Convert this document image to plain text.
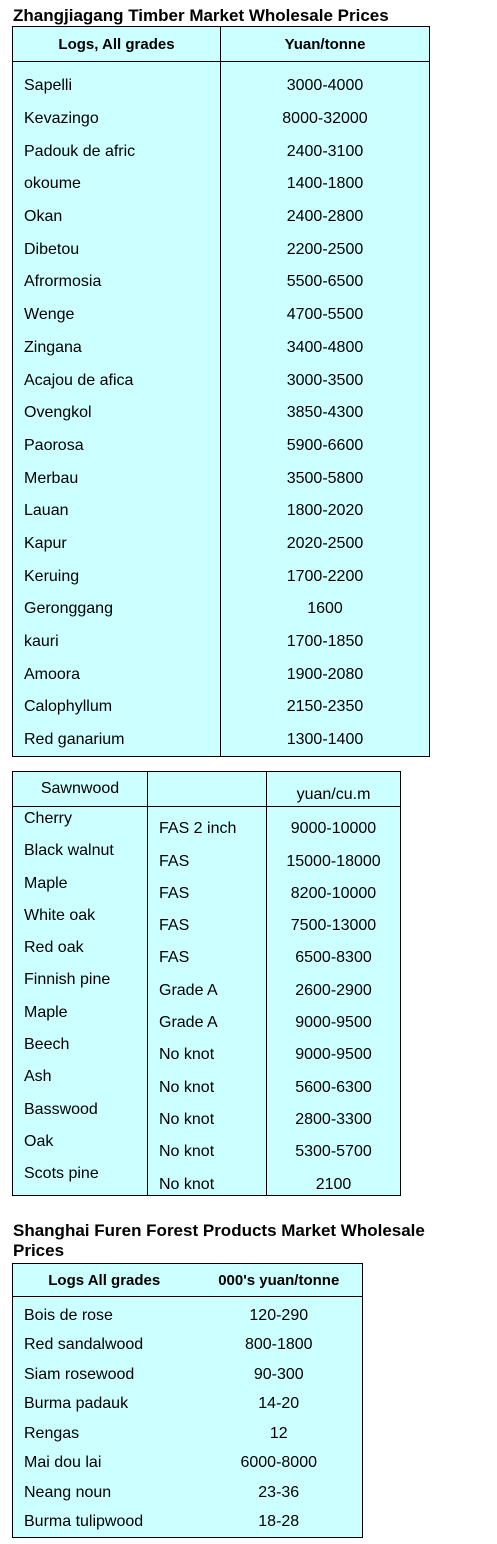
Zhangjiagang Timber Market Wholesale Prices
Logs, All grades	Yuan/tonne
Sapelli	3000-4000
Kevazingo	8000-32000
Padouk de afric	2400-3100
okoume	1400-1800
Okan	2400-2800
Dibetou	2200-2500
Afrormosia	5500-6500
Wenge	4700-5500
Zingana	3400-4800
Acajou de afica	3000-3500
Ovengkol	3850-4300
Paorosa	5900-6600
Merbau	3500-5800
Lauan	1800-2020
Kapur	2020-2500
Keruing	1700-2200
Geronggang	1600
kauri	1700-1850
Amoora	1900-2080
Calophyllum	2150-2350
Red ganarium	1300-1400
Sawnwood		yuan/cu.m
Cherry	FAS 2 inch	9000-10000
Black walnut	FAS	15000-18000
Maple	FAS	8200-10000
White oak	FAS	7500-13000
Red oak	FAS	6500-8300
Finnish pine	Grade A	2600-2900
Maple	Grade A	9000-9500
Beech	No knot	9000-9500
Ash	No knot	5600-6300
Basswood	No knot	2800-3300
Oak	No knot	5300-5700
Scots pine	No knot	2100
Shanghai Furen Forest Products Market Wholesale
Prices
Logs All grades	000's yuan/tonne
Bois de rose	120-290
Red sandalwood	800-1800
Siam rosewood	90-300
Burma padauk	14-20
Rengas	12
Mai dou lai	6000-8000
Neang noun	23-36
Burma tulipwood	18-28
